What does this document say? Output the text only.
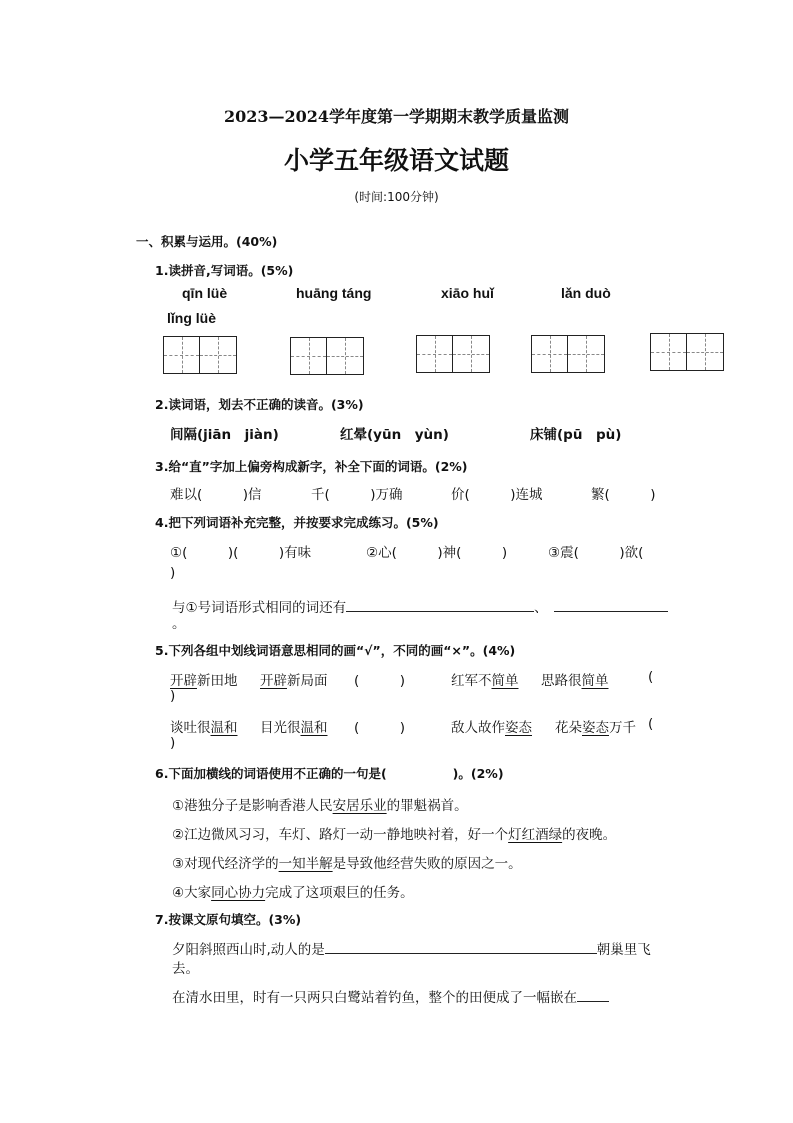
2023—2024学年度第一学期期末教学质量监测
小学五年级语文试题
(时间:100分钟)
一、积累与运用。(40%)
1.读拼音,写词语。(5%)
qīn lüè	huāng táng	xiāo huǐ	lǎn duò
lǐng lüè
2.读词语，划去不正确的读音。(3%)
间隔(jiān　jiàn)	红晕(yūn　yùn)	床铺(pū　pù)
3.给“直”字加上偏旁构成新字，补全下面的词语。(2%)
难以(　　　)信	千(　　　)万确	价(　　　)连城	繁(　　　)
4.把下列词语补充完整，并按要求完成练习。(5%)
①(　　　)(　　　)有味	②心(　　　)神(　　　)	③震(　　　)欲(
)
与①号词语形式相同的词还有	、
。
5.下列各组中划线词语意思相同的画“√”，不同的画“×”。(4%)
开辟新田地 开辟新局面 (　　　)	红军不简单 思路很简单	(
)
谈吐很温和 目光很温和 (　　　)	敌人故作姿态 花朵姿态万千 (
)
6.下面加横线的词语使用不正确的一句是(	)。(2%)
①港独分子是影响香港人民安居乐业的罪魁祸首。
②江边微风习习，车灯、路灯一动一静地映衬着，好一个灯红酒绿的夜晚。
③对现代经济学的一知半解是导致他经营失败的原因之一。
④大家同心协力完成了这项艰巨的任务。
7.按课文原句填空。(3%)
夕阳斜照西山时,动人的是	朝巢里飞
去。
在清水田里，时有一只两只白鹭站着钓鱼，整个的田便成了一幅嵌在
